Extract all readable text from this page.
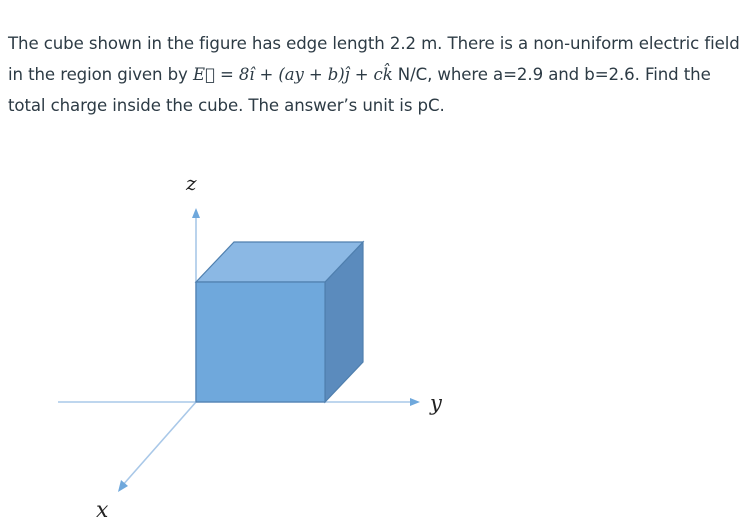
The cube shown in the figure has edge length 2.2 m. There is a non-uniform electric field in the region given by E⃗ = 8î + (ay + b)ĵ + ck̂ N/C, where a=2.9 and b=2.6. Find the total charge inside the cube. The answer’s unit is pC.
z
y
x
